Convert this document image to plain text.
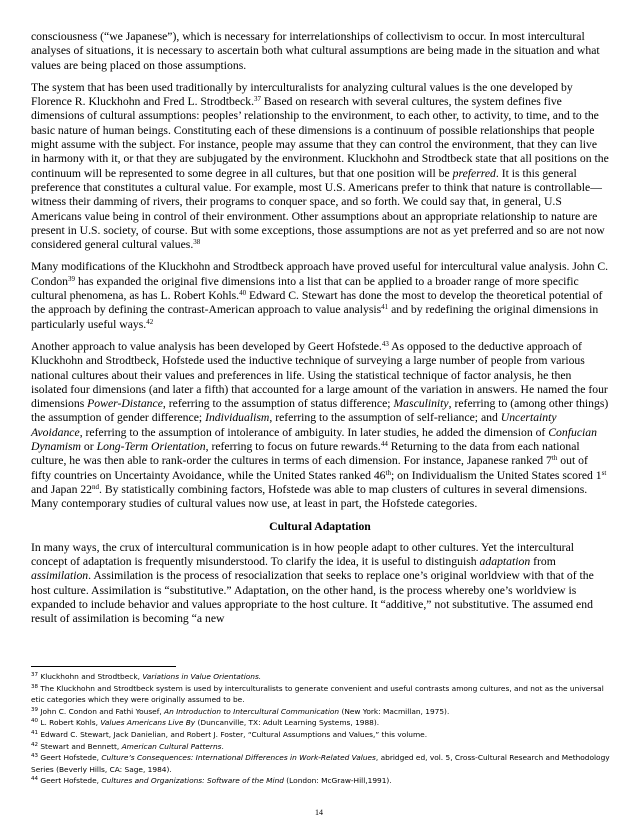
consciousness (“we Japanese”), which is necessary for interrelationships of collectivism to occur. In most intercultural analyses of situations, it is necessary to ascertain both what cultural assumptions are being made in the situation and what values are being placed on those assumptions.

The system that has been used traditionally by interculturalists for analyzing cultural values is the one developed by Florence R. Kluckhohn and Fred L. Strodtbeck.$^{37}$ Based on research with several cultures, the system defines five dimensions of cultural assumptions: peoples’ relationship to the environment, to each other, to activity, to time, and to the basic nature of human beings. Constituting each of these dimensions is a continuum of possible relationships that people might assume with the subject. For instance, people may assume that they can control the environment, that they can live in harmony with it, or that they are subjugated by the environment. Kluckhohn and Strodtbeck state that all positions on the continuum will be represented to some degree in all cultures, but that one position will be preferred. It is this general preference that constitutes a cultural value. For example, most U.S. Americans prefer to think that nature is controllable—witness their damming of rivers, their programs to conquer space, and so forth. We could say that, in general, U.S Americans value being in control of their environment. Other assumptions about an appropriate relationship to nature are present in U.S. society, of course. But with some exceptions, those assumptions are not as yet preferred and so are not now considered general cultural values.$^{38}$

Many modifications of the Kluckhohn and Strodtbeck approach have proved useful for intercultural value analysis. John C. Condon$^{39}$ has expanded the original five dimensions into a list that can be applied to a broader range of more specific cultural phenomena, as has L. Robert Kohls.$^{40}$ Edward C. Stewart has done the most to develop the theoretical potential of the approach by defining the contrast-American approach to value analysis$^{41}$ and by redefining the original dimensions in particularly useful ways.$^{42}$

Another approach to value analysis has been developed by Geert Hofstede.$^{43}$ As opposed to the deductive approach of Kluckhohn and Strodtbeck, Hofstede used the inductive technique of surveying a large number of people from various national cultures about their values and preferences in life. Using the statistical technique of factor analysis, he then isolated four dimensions (and later a fifth) that accounted for a large amount of the variation in answers. He named the four dimensions Power-Distance, referring to the assumption of status difference; Masculinity, referring to (among other things) the assumption of gender difference; Individualism, referring to the assumption of self-reliance; and Uncertainty Avoidance, referring to the assumption of intolerance of ambiguity. In later studies, he added the dimension of Confucian Dynamism or Long-Term Orientation, referring to focus on future rewards.$^{44}$ Returning to the data from each national culture, he was then able to rank-order the cultures in terms of each dimension. For instance, Japanese ranked 7th out of fifty countries on Uncertainty Avoidance, while the United States ranked 46th; on Individualism the United States scored 1st and Japan 22nd. By statistically combining factors, Hofstede was able to map clusters of cultures in several dimensions. Many contemporary studies of cultural values now use, at least in part, the Hofstede categories.

Cultural Adaptation

In many ways, the crux of intercultural communication is in how people adapt to other cultures. Yet the intercultural concept of adaptation is frequently misunderstood. To clarify the idea, it is useful to distinguish adaptation from assimilation. Assimilation is the process of resocialization that seeks to replace one’s original worldview with that of the host culture. Assimilation is “substitutive.” Adaptation, on the other hand, is the process whereby one’s worldview is expanded to include behavior and values appropriate to the host culture. It “additive,” not substitutive. The assumed end result of assimilation is becoming “a new

$^{37}$ Kluckhohn and Strodtbeck, Variations in Value Orientations.

$^{38}$ The Kluckhohn and Strodtbeck system is used by interculturalists to generate convenient and useful contrasts among cultures, and not as the universal etic categories which they were originally assumed to be.

$^{39}$ John C. Condon and Fathi Yousef, An Introduction to Intercultural Communication (New York: Macmillan, 1975).

$^{40}$ L. Robert Kohls, Values Americans Live By (Duncanville, TX: Adult Learning Systems, 1988).

$^{41}$ Edward C. Stewart, Jack Danielian, and Robert J. Foster, “Cultural Assumptions and Values,” this volume.

$^{42}$ Stewart and Bennett, American Cultural Patterns.

$^{43}$ Geert Hofstede, Culture’s Consequences: International Differences in Work-Related Values, abridged ed, vol. 5, Cross-Cultural Research and Methodology Series (Beverly Hills, CA: Sage, 1984).

$^{44}$ Geert Hofstede, Cultures and Organizations: Software of the Mind (London: McGraw-Hill,1991).

14
